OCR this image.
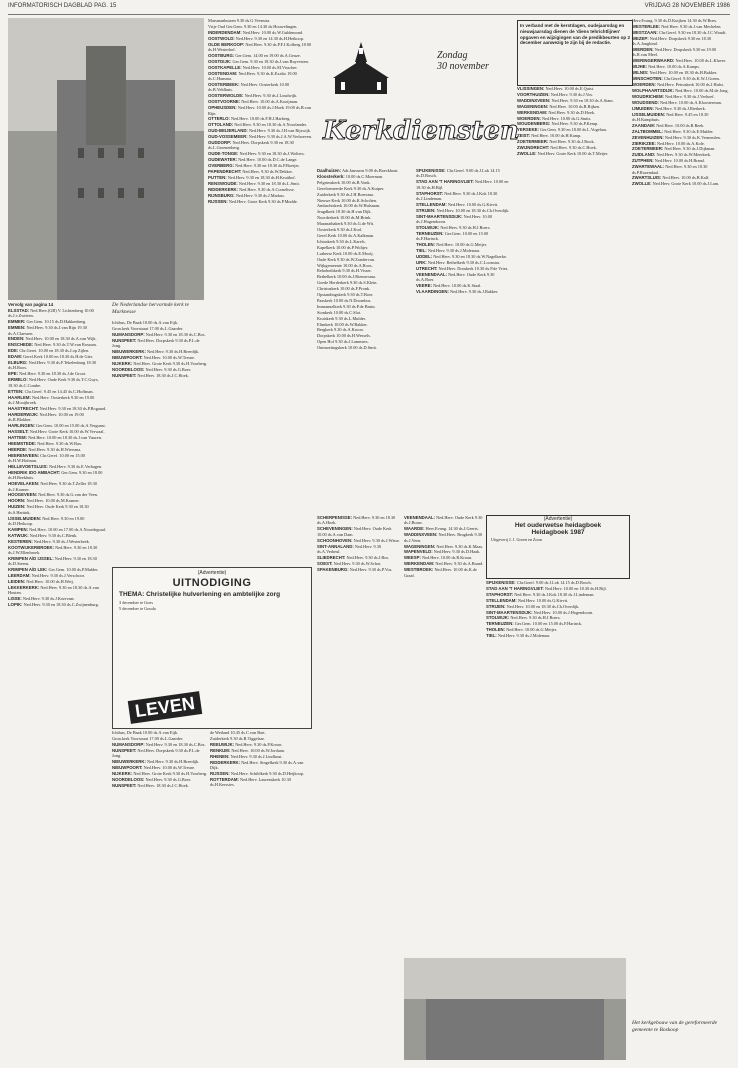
INFORMATORISCH DAGBLAD PAG. 15	VRIJDAG 28 NOVEMBER 1986

Vervolg van pagina 14

ELSSTAD: Ned.Herv.(GB) V. Lichtenberg 10.00 ds.J.v.Zwieten.

EMMER: Ger.Gem. 10.15 ds.D.Hakkenberg.

EMMEN: Ned.Herv. 9.30 ds.J.van Rijn 19.30 ds.A.Claessen.

ENDEN: Ned.Herv. 10.00 en 18.30 ds.A.van Wijk.

ENSCHEDE: Ned.Herv. 9.30 ds.T.W.van Rossum.

EDE: Chr.Gerei. 10.00 en 18.30 ds.J.op Zijlen.

EDAM: Geref.Kerk 10.00 en 18.30 ds.H.de Gier.

ELBURG: Ned.Herv. 9.30 ds.F.Tekelenburg 18.30 ds.H.Roos.

EPE: Ned.Herv. 9.30 en 18.30 ds.J.de Groot.

ERMELO: Ned.Herv. Oude Kerk 9.30 ds.T.C.Guys, 18.30 ds.C.Combe.

ETTEN: Chr.Geref. 9.45 en 14.45 ds.C.Hoffman.

HAARLEM: Ned.Herv. Oosterkerk 9.30 en 19.00 ds.J.Mooijbroek.

HAASTRECHT: Ned.Herv. 9.30 en 18.30 ds.P.Bogaard.

HARDERWIJK: Ned.Herv. 10.00 en 19.00 ds.R.Blokker.

HARLINGEN: Ger.Gem. 10.00 en 15.00 ds.A.Vergunst.

HASSELT: Ned.Herv. Grote Kerk 10.00 ds.W.Verwaal.

HATTEM: Ned.Herv. 10.00 en 18.30 ds.J.van Vuuren.

HEEMSTEDE: Ned.Herv. 9.30 ds.W.Bax.

HEERDE: Ned.Herv. 9.30 ds.H.Wiersma.

HEERENVEEN: Chr.Geref. 10.00 en 15.00 ds.H.W.Hofman.

HELLEVOETSLUIS: Ned.Herv. 9.30 ds.E.Verhagen.

HENDRIK IDO AMBACHT: Ger.Gem. 9.30 en 18.00 ds.H.Beekhuis.

HOEVELAKEN: Ned.Herv. 9.30 ds.T.Zeller 18.30 ds.J.Kramer.

HOOGEVEEN: Ned.Herv. 9.30 ds.G.van der Veen.

HOORN: Ned.Herv. 10.00 ds.M.Kramer.

HUIZEN: Ned.Herv. Oude Kerk 9.30 en 18.30 ds.S.Hartink.

IJSSELMUIDEN: Ned.Herv. 9.30 en 19.00 ds.D.Heikoop.

KAMPEN: Ned.Herv. 10.00 en 17.00 ds.A.Noordegraaf.

KATWIJK: Ned.Herv. 9.30 ds.C.Blenk.

KESTEREN: Ned.Herv. 9.30 ds.J.Westerbeek.

KOOTWIJKERBROEK: Ned.Herv. 9.30 en 18.30 ds.J.W.Ellenbroek.

KRIMPEN A/D IJSSEL: Ned.Herv. 9.30 en 18.30 ds.D.Steens.

KRIMPEN A/D LEK: Ger.Gem. 10.00 ds.P.Mulder.

LEERDAM: Ned.Herv. 9.30 ds.J.Verschoor.

LEIDEN: Ned.Herv. 10.00 ds.H.Weij.

LEKKERKERK: Ned.Herv. 9.30 en 18.30 ds.A.van Houten.

LISSE: Ned.Herv. 9.30 ds.J.Korevaar.

LOPIK: Ned.Herv. 9.30 en 18.30 ds.C.Zwijnenburg.

De Nederlandse hervormde kerk te Marknesse

Ichthus, De Baak 10.00 ds.A.van Eijk.

Gron.kerk Voorstraat 17.00 ds.L.Gaarder.

NUMANSDORP: Ned.Herv. 9.30 en 18.30 ds.C.Bos.

NUNSPEET: Ned.Herv. Dorpskerk 9.30 ds.P.L.de Jong.

NIEUWERKERK: Ned.Herv. 9.30 ds.H.Breedijk.

NIEUWPOORT: Ned.Herv. 10.00 ds.W.Treure.

NIJKERK: Ned.Herv. Grote Kerk 9.30 ds.H.Voorberg.

NOORDELOOS: Ned.Herv. 9.30 ds.G.Boer.

NUNSPEET: Ned.Herv. 18.30 ds.J.C.Hoek.

Marsmanhuizen 9.30 ds.G.Veenstra.

Vrije Oud Ger.Gem. 9.30 en 14.30 ds.Houwelingen.

INDERDENDAM: Ned.Herv. 10.00 ds.W.Guldemond.

OOSTWOLD: Ned.Herv. 9.30 en 14.30 ds.H.Heikoop.

OLDE BERKOOP: Ned.Herv. 9.30 ds.P.F.J.Kolberg 18.00 ds.H.Westerhof.

OOSTBURG: Ger.Gem. 14.00 en 19.00 ds.A.Geuze.

OOSTDIJK: Ger.Gem. 9.30 en 18.30 ds.J.van Ruyvesten.

OOSTKAPELLE: Ned.Herv. 10.00 ds.M.Visscher.

OOSTENDAM: Ned.Herv. 9.30 ds.K.Exalto 19.00 ds.C.Hansma.

OOSTERBEEK: Ned.Herv. Oosterkerk 10.00 ds.B.Veldhuis.

OOSTERWOLDE: Ned.Herv. 9.30 ds.J.Loudwijk.

OOSTVOORNE: Ned.Herv. 10.00 ds.A.Kooijman.

OPHEUSDEN: Ned.Herv. 10.00 ds.J.Hoek 19.00 ds.B.van Rijn.

OTTERLO: Ned.Herv. 10.00 ds.F.H.J.Harberg.

OTTOLAND: Ned.Herv. 9.30 en 18.30 ds.A.Noorlander.

OUD-BEIJERLAND: Ned.Herv. 9.30 ds.J.H.van Rijswijk.

OUD-VOSSEMEER: Ned.Herv. 9.30 ds.J.A.W.Verhoeven.

OUDDORP: Ned.Herv. Dorpskerk 9.30 en 18.30 ds.L.Groenenberg.

OUDE-TONGE: Ned.Herv. 9.30 en 18.30 ds.J.Wolters.

OUDEWATER: Ned.Herv. 10.00 ds.D.C.de Lange.

OVERBERG: Ned.Herv. 9.30 en 18.30 ds.P.Boeijer.

PAPENDRECHT: Ned.Herv. 9.30 ds.W.Dekker.

PUTTEN: Ned.Herv. 9.30 en 18.30 ds.H.Kruithof.

RENSWOUDE: Ned.Herv. 9.30 en 18.30 ds.L.Smit.

RIDDERKERK: Ned.Herv. 9.30 ds.A.Cornelisse.

RIJNSBURG: Ned.Herv. 9.30 ds.J.Markus.

RIJSSEN: Ned.Herv. Grote Kerk 9.30 ds.P.Mudde.

Zondag
30 november
Kerkdiensten
In verband met de kerstdagen, oudejaarsdag en nieuwjaarsdag dienen de 'diens tehrichtlijnen' opgaven en wijzigingen van de predikbeurten op 2 december aanwezig te zijn bij de redactie.

Daalhuizen: Adr.Janssens 9.00 ds.Boeckhout.

Kloosterkerk: 10.00 ds.C.Moerman.

Pelgrimskerk 10.00 ds.B.Vonk.

Gereformeerde Kerk 9.30 ds.A.Kuiper.

Zuiderkerk 9.30 ds.J.H.Boersma.

Nieuwe Kerk 10.00 ds.K.Scholten.

Ambachtskerk 10.00 ds.W.Hulsman.

Jeugdkerk 18.30 ds.H.van Dijk.

Noorderkerk 10.00 ds.M.Brink.

Maranathakerk 9.30 ds.G.de Wit.

Oosterkerk 9.30 ds.J.Krol.

Geref.Kerk 10.00 ds.A.Kalkman.

Ichtuskerk 9.30 ds.L.Karels.

Kapelkerk 10.00 ds.P.Woltjer.

Lutherse Kerk 10.00 ds.E.Mooij.

Oude Kerk 9.30 ds.W.Zondervan.

Wijkgemeente 10.00 ds.A.Roos.

Rehobothkerk 9.30 ds.H.Visser.

Bethelkerk 10.00 ds.J.Riemersma.

Goede Herderkerk 9.30 ds.S.Klein.

Christuskerk 10.00 ds.F.Pronk.

Opstandingskerk 9.30 ds.T.Boer.

Paaskerk 10.00 ds.N.Doornbos.

Immanuelkerk 9.30 ds.P.de Bruin.

Sionkerk 10.00 ds.C.Slot.

Kruiskerk 9.30 ds.L.Mulder.

Elimkerk 10.00 ds.W.Bakker.

Bergkerk 9.30 ds.A.Kroon.

Dorpskerk 10.00 ds.H.Wessels.

Open Hof 9.30 ds.J.Lammers.

Ontmoetingskerk 10.00 ds.D.Smit.

SPIJKENISSE: Chr.Geref. 9.00 ds.J.Lok 14.15 ds.D.Bosch.

STAD AAN 'T HARINGVLIET: Ned.Herv. 10.00 en 18.30 ds.H.Bijl.

STAPHORST: Ned.Herv. 9.30 ds.J.Kok 18.30 ds.J.Lindeman.

STELLENDAM: Ned.Herv. 10.00 ds.G.Kievit.

STRIJEN: Ned.Herv. 10.00 en 18.30 ds.Ch.Overdijk.

SINT-MAARTENSDIJK: Ned.Herv. 10.00 ds.J.Hogendoorn.

STOLWIJK: Ned.Herv. 9.30 ds.H.J.Boers.

TERNEUZEN: Ger.Gem. 10.00 en 15.00 ds.F.Harinck.

THOLEN: Ned.Herv. 10.00 ds.G.Meijer.

TIEL: Ned.Herv. 9.30 ds.J.Molenaar.

UDDEL: Ned.Herv. 9.30 en 18.30 ds.W.Nagelkerke.

URK: Ned.Herv. Bethelkerk 9.30 ds.C.Loonstra.

UTRECHT: Ned.Herv. Domkerk 10.30 ds.P.de Vries.

VEENENDAAL: Ned.Herv. Oude Kerk 9.30 ds.A.Boer.

VEERE: Ned.Herv. 10.00 ds.K.Staal.

VLAARDINGEN: Ned.Herv. 9.30 ds.J.Bakker.

VLISSINGEN: Ned.Herv. 10.00 ds.E.Quist.

VOORTHUIZEN: Ned.Herv. 9.30 ds.J.Vos.

WADDINXVEEN: Ned.Herv. 9.30 en 18.30 ds.A.Stam.

WAGENINGEN: Ned.Herv. 10.00 ds.B.Rijken.

WERKENDAM: Ned.Herv. 9.30 ds.D.Hoek.

WOERDEN: Ned.Herv. 10.00 ds.G.Smits.

WOUDENBERG: Ned.Herv. 9.30 ds.P.Kemp.

YERSEKE: Ger.Gem. 9.30 en 18.00 ds.L.Vogelaar.

ZEIST: Ned.Herv. 10.00 ds.H.Kamp.

ZOETERMEER: Ned.Herv. 9.30 ds.J.Rook.

ZWIJNDRECHT: Ned.Herv. 9.30 ds.C.Hoek.

ZWOLLE: Ned.Herv. Grote Kerk 10.00 ds.T.Meijer.

Herv.Evang. 9.30 ds.D.Kuijken 14.30 ds.W.Boes.

WESTERLEE: Ned.Herv. 9.30 ds.J.van Mechelen.

WESTZAAN: Chr.Geref. 9.30 en 18.30 ds.J.C.Woudt.

WEZEP: Ned.Herv. Dorpskerk 9.30 en 18.30 ds.A.Jongkind.

WIERDEN: Ned.Herv. Dorpskerk 9.30 en 19.00 ds.R.van Meel.

WIERINGERWAARD: Ned.Herv. 10.00 ds.L.Klaver.

WIJHE: Ned.Herv. 10.00 ds.A.Kamps.

WILNIS: Ned.Herv. 10.00 en 18.30 ds.H.Bakker.

WINSCHOTEN: Chr.Geref. 9.30 ds.K.W.J.Goens.

WOERDEN: Ned.Herv. Petruskerk 10.00 ds.J.Hulst.

WOLPHAARTSDIJK: Ned.Herv. 10.00 ds.M.de Jong.

WOUDRICHEM: Ned.Herv. 9.30 ds.J.Verhoef.

WOUDSEND: Ned.Herv. 10.00 ds.A.Kloosterman.

IJMUIDEN: Ned.Herv. 9.30 ds.J.Rietkerk.

IJSSELMUIDEN: Ned.Herv. 9.45 en 18.30 ds.H.Kamphuis.

ZAANDAM: Ned.Herv. 10.00 ds.R.Beek.

ZALTBOMMEL: Ned.Herv. 9.30 ds.E.Mulder.

ZEVENHUIZEN: Ned.Herv. 9.30 ds.K.Vermeulen.

ZIERIKZEE: Ned.Herv. 10.00 ds.A.Kole.

ZOETERMEER: Ned.Herv. 9.30 ds.J.Dijkman.

ZUIDLAND: Ned.Herv. 9.30 ds.W.Meerkerk.

ZUTPHEN: Ned.Herv. 10.00 ds.H.Brand.

ZWARTEWAAL: Ned.Herv. 9.30 en 18.30 ds.P.Rozendaal.

ZWARTSLUIS: Ned.Herv. 10.00 ds.B.Kalf.

ZWOLLE: Ned.Herv. Grote Kerk 10.00 ds.J.Lam.

(Advertentie)
UITNODIGING

THEMA: Christelijke hulverlening en ambtelijke zorg

3 december te Goes

5 december te Gouda

LEVEN
(Advertentie)
Het ouderwetse heidagboek
Heidagboek 1987
Uitgeverij J. J. Groen en Zoon

Ichthus, De Baak 10.00 ds.A.van Eijk.

Gron.kerk Voorstraat 17.00 ds.L.Gaarder.

NUMANSDORP: Ned.Herv. 9.30 en 18.30 ds.C.Bos.

NUNSPEET: Ned.Herv. Dorpskerk 9.30 ds.P.L.de Jong.

NIEUWERKERK: Ned.Herv. 9.30 ds.H.Breedijk.

NIEUWPOORT: Ned.Herv. 10.00 ds.W.Treure.

NIJKERK: Ned.Herv. Grote Kerk 9.30 ds.H.Voorberg.

NOORDELOOS: Ned.Herv. 9.30 ds.G.Boer.

NUNSPEET: Ned.Herv. 18.30 ds.J.C.Hoek.

de Wetland 10.45 ds.C.van Bart.

Zuiderkerk 9.30 ds.R.Tiggelaar.

REEUWIJK: Ned.Herv. 9.30 ds.P.Kroon.

RENKUM: Ned.Herv. 10.00 ds.W.Jordaan.

RHENEN: Ned.Herv. 9.30 ds.J.Lindhout.

RIDDERKERK: Ned.Herv. Singelkerk 9.30 ds.A.van Dijk.

RIJSSEN: Ned.Herv. Schildkerk 9.30 ds.D.Heijkoop.

ROTTERDAM: Ned.Herv. Laurenskerk 10.30 ds.H.Kerssies.

SCHERPENISSE: Ned.Herv. 9.30 en 18.30 ds.A.Hoek.

SCHEVENINGEN: Ned.Herv. Oude Kerk 10.00 ds.A.van Dam.

SCHOONHOVEN: Ned.Herv. 9.30 ds.J.Wisse.

SINT-ANNALAND: Ned.Herv. 9.30 ds.A.Verheul.

SLIEDRECHT: Ned.Herv. 9.30 ds.J.Bos.

SOEST: Ned.Herv. 9.30 ds.W.Schot.

SPAKENBURG: Ned.Herv. 9.30 ds.P.Vos.

VEENENDAAL: Ned.Herv. Oude Kerk 9.30 ds.J.Bouw.

WAARDE: Herv.Evang. 14.30 ds.J.Geerts.

WADDINXVEEN: Ned.Herv. Brugkerk 9.30 ds.J.Veen.

WAGENINGEN: Ned.Herv. 9.30 ds.K.Maas.

WAPENVELD: Ned.Herv. 9.30 ds.D.Haak.

WEESP: Ned.Herv. 10.00 ds.R.Kroon.

WERKENDAM: Ned.Herv. 9.30 ds.A.Brand.

WESTBROEK: Ned.Herv. 10.00 ds.K.de Graaf.

SPIJKENISSE: Chr.Geref. 9.00 ds.J.Lok 14.15 ds.D.Bosch.

STAD AAN 'T HARINGVLIET: Ned.Herv. 10.00 en 18.30 ds.H.Bijl.

STAPHORST: Ned.Herv. 9.30 ds.J.Kok 18.30 ds.J.Lindeman.

STELLENDAM: Ned.Herv. 10.00 ds.G.Kievit.

STRIJEN: Ned.Herv. 10.00 en 18.30 ds.Ch.Overdijk.

SINT-MAARTENSDIJK: Ned.Herv. 10.00 ds.J.Hogendoorn.

STOLWIJK: Ned.Herv. 9.30 ds.H.J.Boers.

TERNEUZEN: Ger.Gem. 10.00 en 15.00 ds.F.Harinck.

THOLEN: Ned.Herv. 10.00 ds.G.Meijer.

TIEL: Ned.Herv. 9.30 ds.J.Molenaar.

Het kerkgebouw van de gereformeerde gemeente te Boskoop
